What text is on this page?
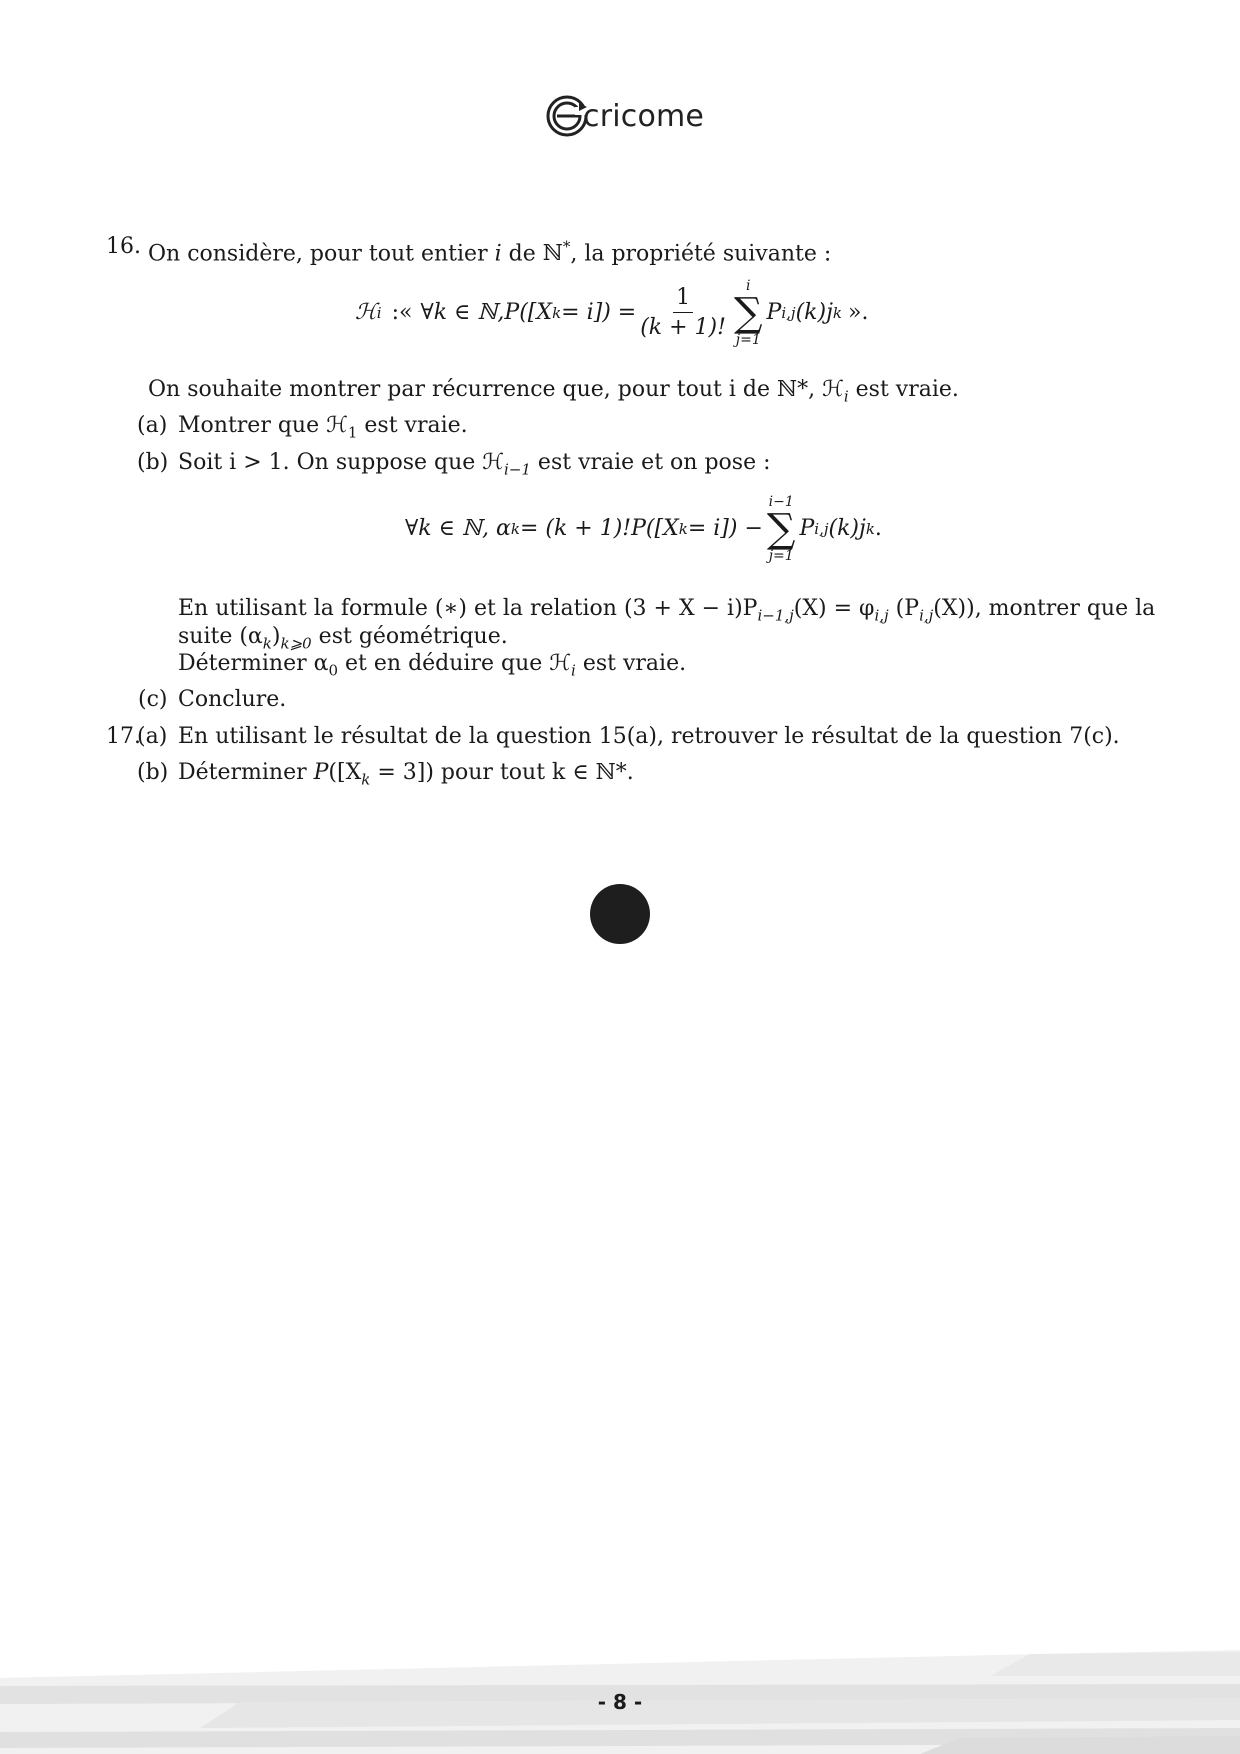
cricome
16. On considère, pour tout entier i de ℕ*, la propriété suivante :
ℋ i :« ∀k ∈ ℕ, 𝑃([X $k = i]) = \frac{1}{(k + 1)!}$ i
∑
j=1
P i,j (k)j k ».
On souhaite montrer par récurrence que, pour tout i de ℕ*, ℋ$_i$ est vraie.
(a) Montrer que ℋ$_1$ est vraie.
(b) Soit i > 1. On suppose que ℋ$_{i-1}$ est vraie et on pose :
∀k ∈ ℕ, α k = (k + 1)!𝑃([X k = i]) −
i−1
∑
j=1
P i,j (k)j k .
En utilisant la formule (∗) et la relation $(3 + X - i)P_{i-1,j}(X) = \varphi_{i,j}$ $(P_{i,j}(X))$, montrer que la
suite $(\alpha_k)_{k⩾0}$ est géométrique.
Déterminer $\alpha_0$ et en déduire que ℋ$_i$ est vraie.
(c) Conclure.
17.
(a) En utilisant le résultat de la question 15(a), retrouver le résultat de la question 7(c).
(b) Déterminer $𝑃([X_k = 3])$ pour tout k ∈ ℕ*.
- 8 -
